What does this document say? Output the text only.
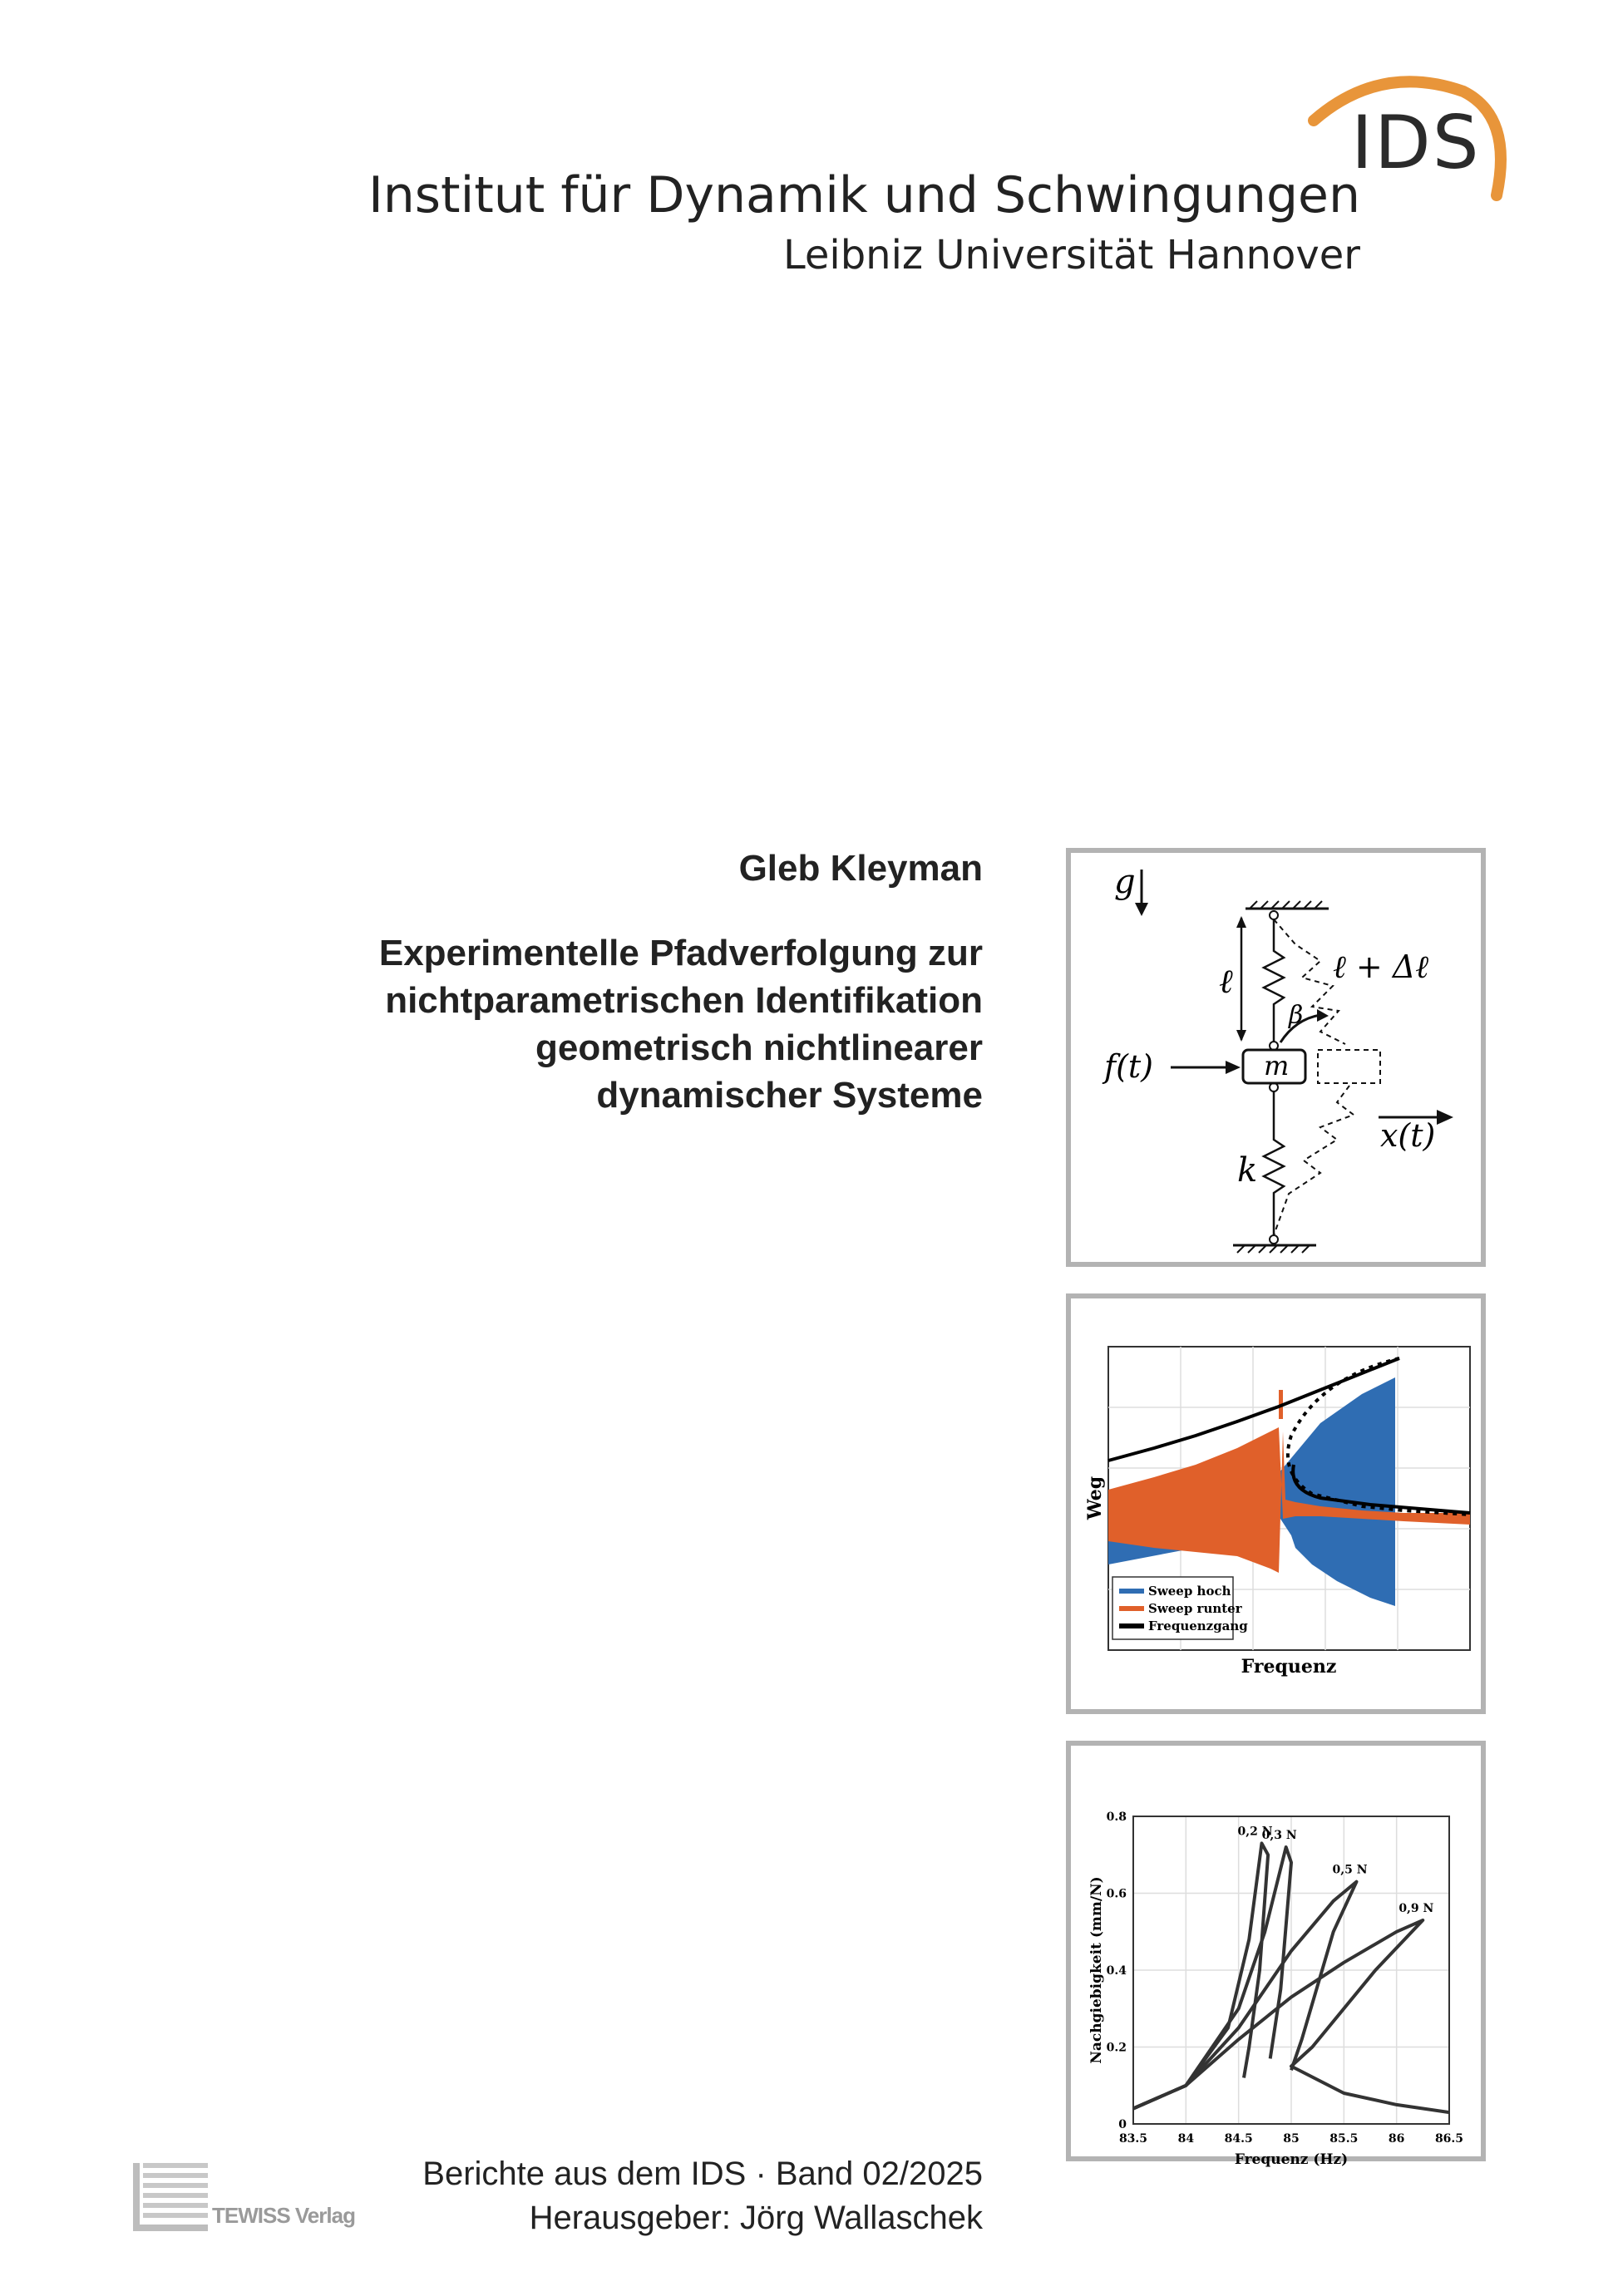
IDS
Institut für Dynamik und Schwingungen
Leibniz Universität Hannover
Gleb Kleyman
Experimentelle Pfadverfolgung zur
nichtparametrischen Identifikation
geometrisch nichtlinearer
dynamischer Systeme
g
ℓ	ℓ + Δℓ
β
m
f(t)
x(t)
k
Sweep hoch
Sweep runter
Frequenzgang
Frequenz
Weg
83.5	84	84.5	85	85.5	86	86.5
0
0.2
0.4
0.6
0.8
0,2 N
0,3 N
0,5 N
0,9 N
Frequenz (Hz)
Nachgiebigkeit (mm/N)
TEWISS Verlag
Berichte aus dem IDS · Band 02/2025
Herausgeber: Jörg Wallaschek
